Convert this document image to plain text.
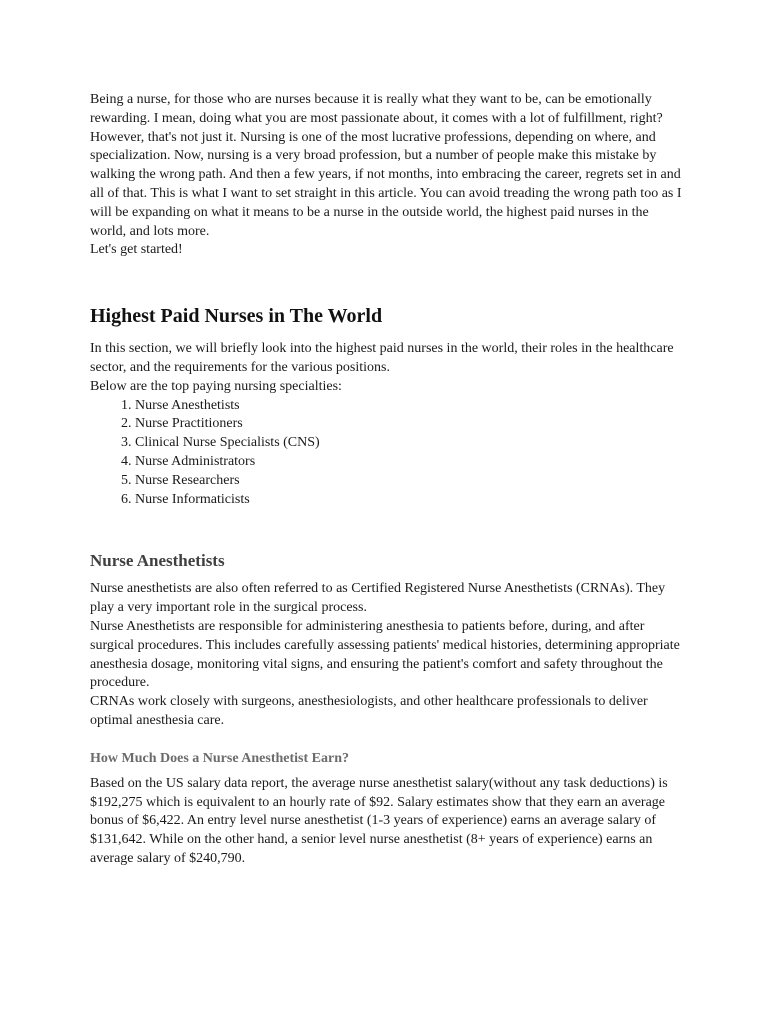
Being a nurse, for those who are nurses because it is really what they want to be, can be emotionally rewarding. I mean, doing what you are most passionate about, it comes with a lot of fulfillment, right? However, that's not just it. Nursing is one of the most lucrative professions, depending on where, and specialization. Now, nursing is a very broad profession, but a number of people make this mistake by walking the wrong path. And then a few years, if not months, into embracing the career, regrets set in and all of that. This is what I want to set straight in this article. You can avoid treading the wrong path too as I will be expanding on what it means to be a nurse in the outside world, the highest paid nurses in the world, and lots more.

Let's get started!

Highest Paid Nurses in The World

In this section, we will briefly look into the highest paid nurses in the world, their roles in the healthcare sector, and the requirements for the various positions.

Below are the top paying nursing specialties:

1. Nurse Anesthetists
2. Nurse Practitioners
3. Clinical Nurse Specialists (CNS)
4. Nurse Administrators
5. Nurse Researchers
6. Nurse Informaticists
Nurse Anesthetists

Nurse anesthetists are also often referred to as Certified Registered Nurse Anesthetists (CRNAs). They play a very important role in the surgical process.

Nurse Anesthetists are responsible for administering anesthesia to patients before, during, and after surgical procedures. This includes carefully assessing patients' medical histories, determining appropriate anesthesia dosage, monitoring vital signs, and ensuring the patient's comfort and safety throughout the procedure.

CRNAs work closely with surgeons, anesthesiologists, and other healthcare professionals to deliver optimal anesthesia care.

How Much Does a Nurse Anesthetist Earn?

Based on the US salary data report, the average nurse anesthetist salary(without any task deductions) is $192,275 which is equivalent to an hourly rate of $92. Salary estimates show that they earn an average bonus of $6,422. An entry level nurse anesthetist (1-3 years of experience) earns an average salary of $131,642. While on the other hand, a senior level nurse anesthetist (8+ years of experience) earns an average salary of $240,790.
